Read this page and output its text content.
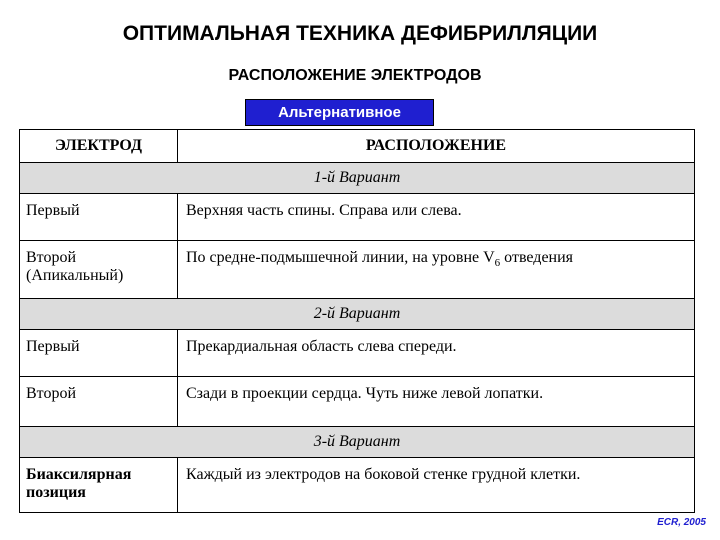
ОПТИМАЛЬНАЯ ТЕХНИКА ДЕФИБРИЛЛЯЦИИ
РАСПОЛОЖЕНИЕ ЭЛЕКТРОДОВ
Альтернативное
ЭЛЕКТРОД	РАСПОЛОЖЕНИЕ
1-й Вариант	
Первый	Верхняя часть спины. Справа или слева.
Второй (Апикальный)	По средне-подмышечной линии, на уровне $V_6$ отведения
2-й Вариант	
Первый	Прекардиальная область слева спереди.
Второй	Сзади в проекции сердца. Чуть ниже левой лопатки.
3-й Вариант	
Биаксилярная позиция	Каждый из электродов на боковой стенке грудной клетки.
ECR, 2005
